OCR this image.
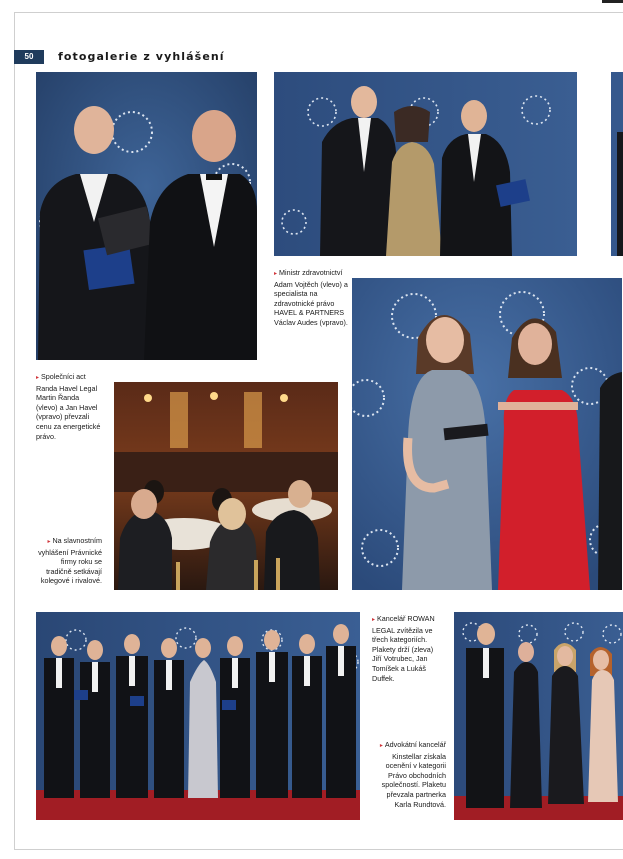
50	fotogalerie z vyhlášení
▸ Ministr zdravotnictví Adam Vojtěch (vlevo) a specialista na zdravotnické právo HAVEL & PARTNERS Václav Audes (vpravo).
▸ Společníci act Randa Havel Legal Martin Řanda (vlevo) a Jan Havel (vpravo) převzali cenu za energetické právo.
▸ Na slavnostním vyhlášení Právnické firmy roku se tradičně setkávají kolegové i rivalové.
▸ Kancelář ROWAN LEGAL zvítězila ve třech kategoriích. Plakety drží (zleva) Jiří Votrubec, Jan Tomíšek a Lukáš Duffek.
▸ Advokátní kancelář Kinstellar získala ocenění v kategorii Právo obchodních společností. Plaketu převzala partnerka Karla Rundtová.
